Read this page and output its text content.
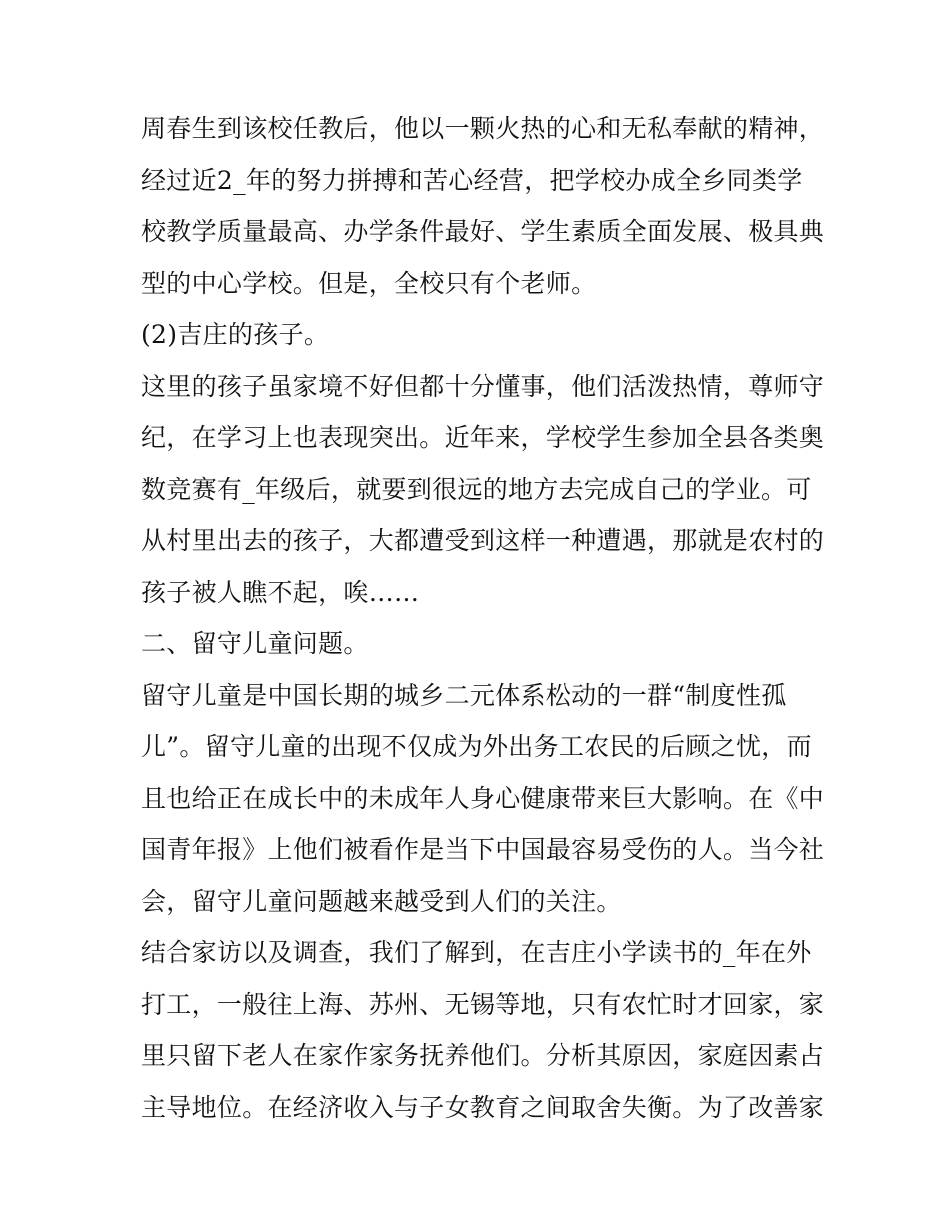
周春生到该校任教后，他以一颗火热的心和无私奉献的精神，
经过近2_年的努力拼搏和苦心经营，把学校办成全乡同类学
校教学质量最高、办学条件最好、学生素质全面发展、极具典
型的中心学校。但是，全校只有个老师。
(2)吉庄的孩子。
这里的孩子虽家境不好但都十分懂事，他们活泼热情，尊师守
纪，在学习上也表现突出。近年来，学校学生参加全县各类奥
数竞赛有_年级后，就要到很远的地方去完成自己的学业。可
从村里出去的孩子，大都遭受到这样一种遭遇，那就是农村的
孩子被人瞧不起，唉……
二、留守儿童问题。
留守儿童是中国长期的城乡二元体系松动的一群“制度性孤
儿”。留守儿童的出现不仅成为外出务工农民的后顾之忧，而
且也给正在成长中的未成年人身心健康带来巨大影响。在《中
国青年报》上他们被看作是当下中国最容易受伤的人。当今社
会，留守儿童问题越来越受到人们的关注。
结合家访以及调查，我们了解到，在吉庄小学读书的_年在外
打工，一般往上海、苏州、无锡等地，只有农忙时才回家，家
里只留下老人在家作家务抚养他们。分析其原因，家庭因素占
主导地位。在经济收入与子女教育之间取舍失衡。为了改善家
